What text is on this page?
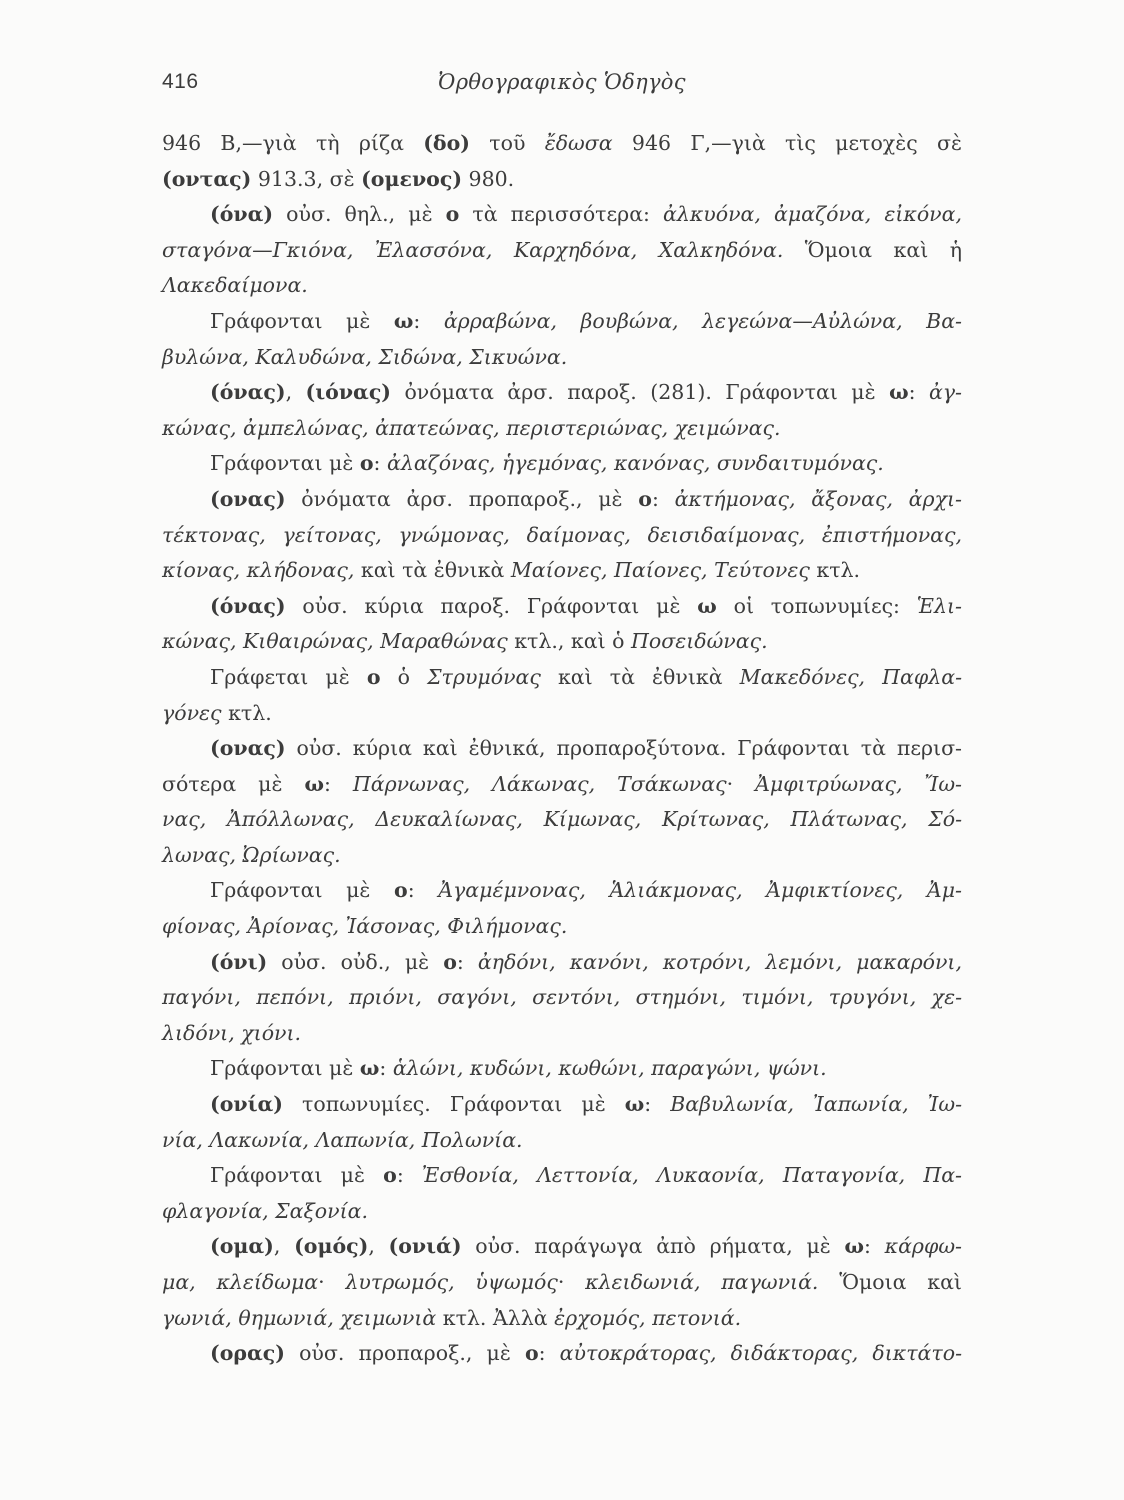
416	Ὀρθογραφικὸς Ὁδηγὸς
946 Β,—γιὰ τὴ ρίζα (δο) τοῦ ἔδωσα 946 Γ,—γιὰ τὶς μετοχὲς σὲ
(οντας) 913.3, σὲ (ομενος) 980.
(όνα) οὐσ. θηλ., μὲ ο τὰ περισσότερα: ἀλκυόνα, ἀμαζόνα, εἰκόνα,
σταγόνα—Γκιόνα, Ἐλασσόνα, Καρχηδόνα, Χαλκηδόνα. Ὅμοια καὶ ἡ
Λακεδαίμονα.
Γράφονται μὲ ω: ἀρραβώνα, βουβώνα, λεγεώνα—Αὐλώνα, Βα-
βυλώνα, Καλυδώνα, Σιδώνα, Σικυώνα.
(όνας), (ιόνας) ὀνόματα ἀρσ. παροξ. (281). Γράφονται μὲ ω: ἀγ-
κώνας, ἀμπελώνας, ἀπατεώνας, περιστεριώνας, χειμώνας.
Γράφονται μὲ ο: ἀλαζόνας, ἡγεμόνας, κανόνας, συνδαιτυμόνας.
(ονας) ὀνόματα ἀρσ. προπαροξ., μὲ ο: ἀκτήμονας, ἄξονας, ἀρχι-
τέκτονας, γείτονας, γνώμονας, δαίμονας, δεισιδαίμονας, ἐπιστήμονας,
κίονας, κλήδονας, καὶ τὰ ἐθνικὰ Μαίονες, Παίονες, Τεύτονες κτλ.
(όνας) οὐσ. κύρια παροξ. Γράφονται μὲ ω οἱ τοπωνυμίες: Ἑλι-
κώνας, Κιθαιρώνας, Μαραθώνας κτλ., καὶ ὁ Ποσειδώνας.
Γράφεται μὲ ο ὁ Στρυμόνας καὶ τὰ ἐθνικὰ Μακεδόνες, Παφλα-
γόνες κτλ.
(ονας) οὐσ. κύρια καὶ ἐθνικά, προπαροξύτονα. Γράφονται τὰ περισ-
σότερα μὲ ω: Πάρνωνας, Λάκωνας, Τσάκωνας· Ἀμφιτρύωνας, Ἴω-
νας, Ἀπόλλωνας, Δευκαλίωνας, Κίμωνας, Κρίτωνας, Πλάτωνας, Σό-
λωνας, Ὠρίωνας.
Γράφονται μὲ ο: Ἀγαμέμνονας, Ἁλιάκμονας, Ἀμφικτίονες, Ἀμ-
φίονας, Ἀρίονας, Ἰάσονας, Φιλήμονας.
(όνι) οὐσ. οὐδ., μὲ ο: ἀηδόνι, κανόνι, κοτρόνι, λεμόνι, μακαρόνι,
παγόνι, πεπόνι, πριόνι, σαγόνι, σεντόνι, στημόνι, τιμόνι, τρυγόνι, χε-
λιδόνι, χιόνι.
Γράφονται μὲ ω: ἁλώνι, κυδώνι, κωθώνι, παραγώνι, ψώνι.
(ονία) τοπωνυμίες. Γράφονται μὲ ω: Βαβυλωνία, Ἰαπωνία, Ἰω-
νία, Λακωνία, Λαπωνία, Πολωνία.
Γράφονται μὲ ο: Ἐσθονία, Λεττονία, Λυκαονία, Παταγονία, Πα-
φλαγονία, Σαξονία.
(ομα), (ομός), (ονιά) οὐσ. παράγωγα ἀπὸ ρήματα, μὲ ω: κάρφω-
μα, κλείδωμα· λυτρωμός, ὑψωμός· κλειδωνιά, παγωνιά. Ὅμοια καὶ
γωνιά, θημωνιά, χειμωνιὰ κτλ. Ἀλλὰ ἐρχομός, πετονιά.
(ορας) οὐσ. προπαροξ., μὲ ο: αὐτοκράτορας, διδάκτορας, δικτάτο-
